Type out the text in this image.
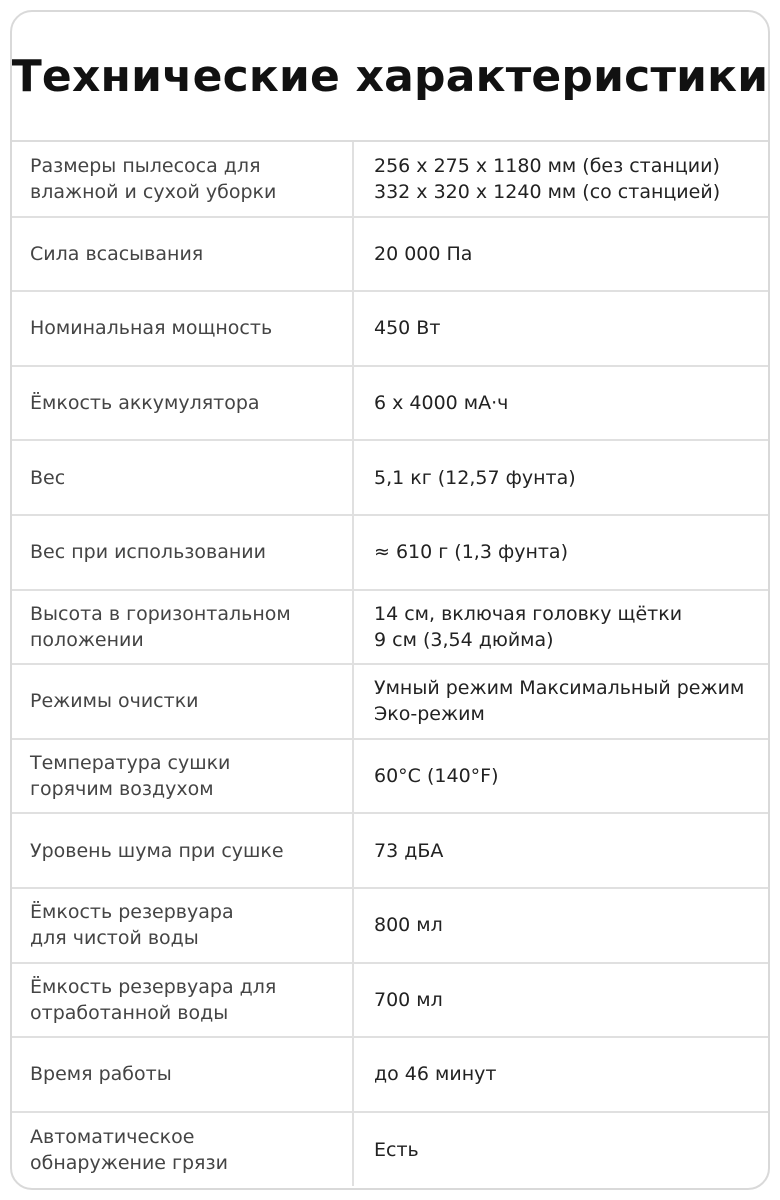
Технические характеристики
Размеры пылесоса для
влажной и сухой уборки	256 x 275 x 1180 мм (без станции)
332 x 320 x 1240 мм (со станцией)
Сила всасывания	20 000 Па
Номинальная мощность	450 Вт
Ёмкость аккумулятора	6 x 4000 мА·ч
Вес	5,1 кг (12,57 фунта)
Вес при использовании	≈ 610 г (1,3 фунта)
Высота в горизонтальном
положении	14 см, включая головку щётки
9 см (3,54 дюйма)
Режимы очистки	Умный режим Максимальный режим
Эко-режим
Температура сушки
горячим воздухом	60°C (140°F)
Уровень шума при сушке	73 дБА
Ёмкость резервуара
для чистой воды	800 мл
Ёмкость резервуара для
отработанной воды	700 мл
Время работы	до 46 минут
Автоматическое
обнаружение грязи	Есть
